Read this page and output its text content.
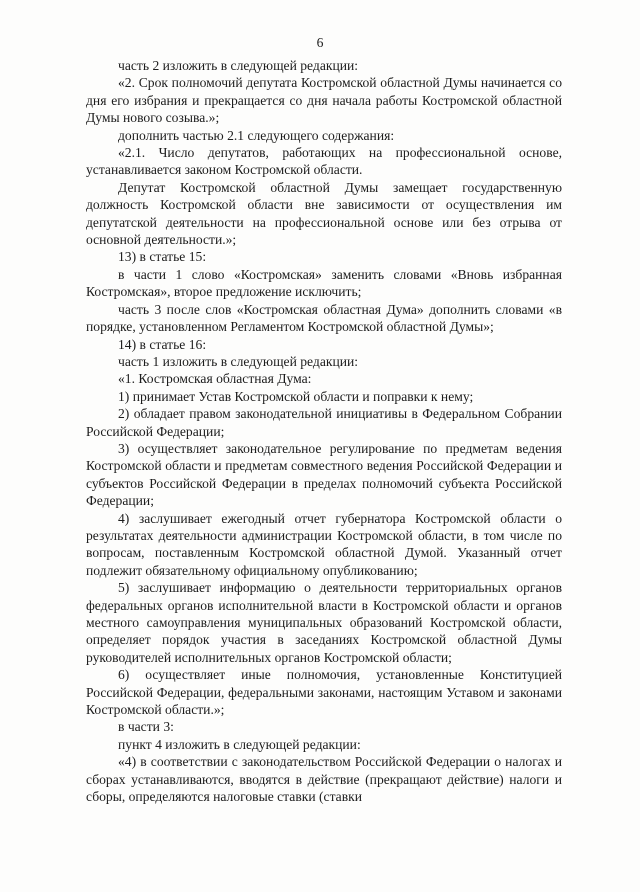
6

часть 2 изложить в следующей редакции:

«2. Срок полномочий депутата Костромской областной Думы начинается со дня его избрания и прекращается со дня начала работы Костромской областной Думы нового созыва.»;

дополнить частью 2.1 следующего содержания:

«2.1. Число депутатов, работающих на профессиональной основе, устанавливается законом Костромской области.

Депутат Костромской областной Думы замещает государственную должность Костромской области вне зависимости от осуществления им депутатской деятельности на профессиональной основе или без отрыва от основной деятельности.»;

13) в статье 15:

в части 1 слово «Костромская» заменить словами «Вновь избранная Костромская», второе предложение исключить;

часть 3 после слов «Костромская областная Дума» дополнить словами «в порядке, установленном Регламентом Костромской областной Думы»;

14) в статье 16:

часть 1 изложить в следующей редакции:

«1. Костромская областная Дума:

1) принимает Устав Костромской области и поправки к нему;

2) обладает правом законодательной инициативы в Федеральном Собрании Российской Федерации;

3) осуществляет законодательное регулирование по предметам ведения Костромской области и предметам совместного ведения Российской Федерации и субъектов Российской Федерации в пределах полномочий субъекта Российской Федерации;

4) заслушивает ежегодный отчет губернатора Костромской области о результатах деятельности администрации Костромской области, в том числе по вопросам, поставленным Костромской областной Думой. Указанный отчет подлежит обязательному официальному опубликованию;

5) заслушивает информацию о деятельности территориальных органов федеральных органов исполнительной власти в Костромской области и органов местного самоуправления муниципальных образований Костромской области, определяет порядок участия в заседаниях Костромской областной Думы руководителей исполнительных органов Костромской области;

6) осуществляет иные полномочия, установленные Конституцией Российской Федерации, федеральными законами, настоящим Уставом и законами Костромской области.»;

в части 3:

пункт 4 изложить в следующей редакции:

«4) в соответствии с законодательством Российской Федерации о налогах и сборах устанавливаются, вводятся в действие (прекращают действие) налоги и сборы, определяются налоговые ставки (ставки
